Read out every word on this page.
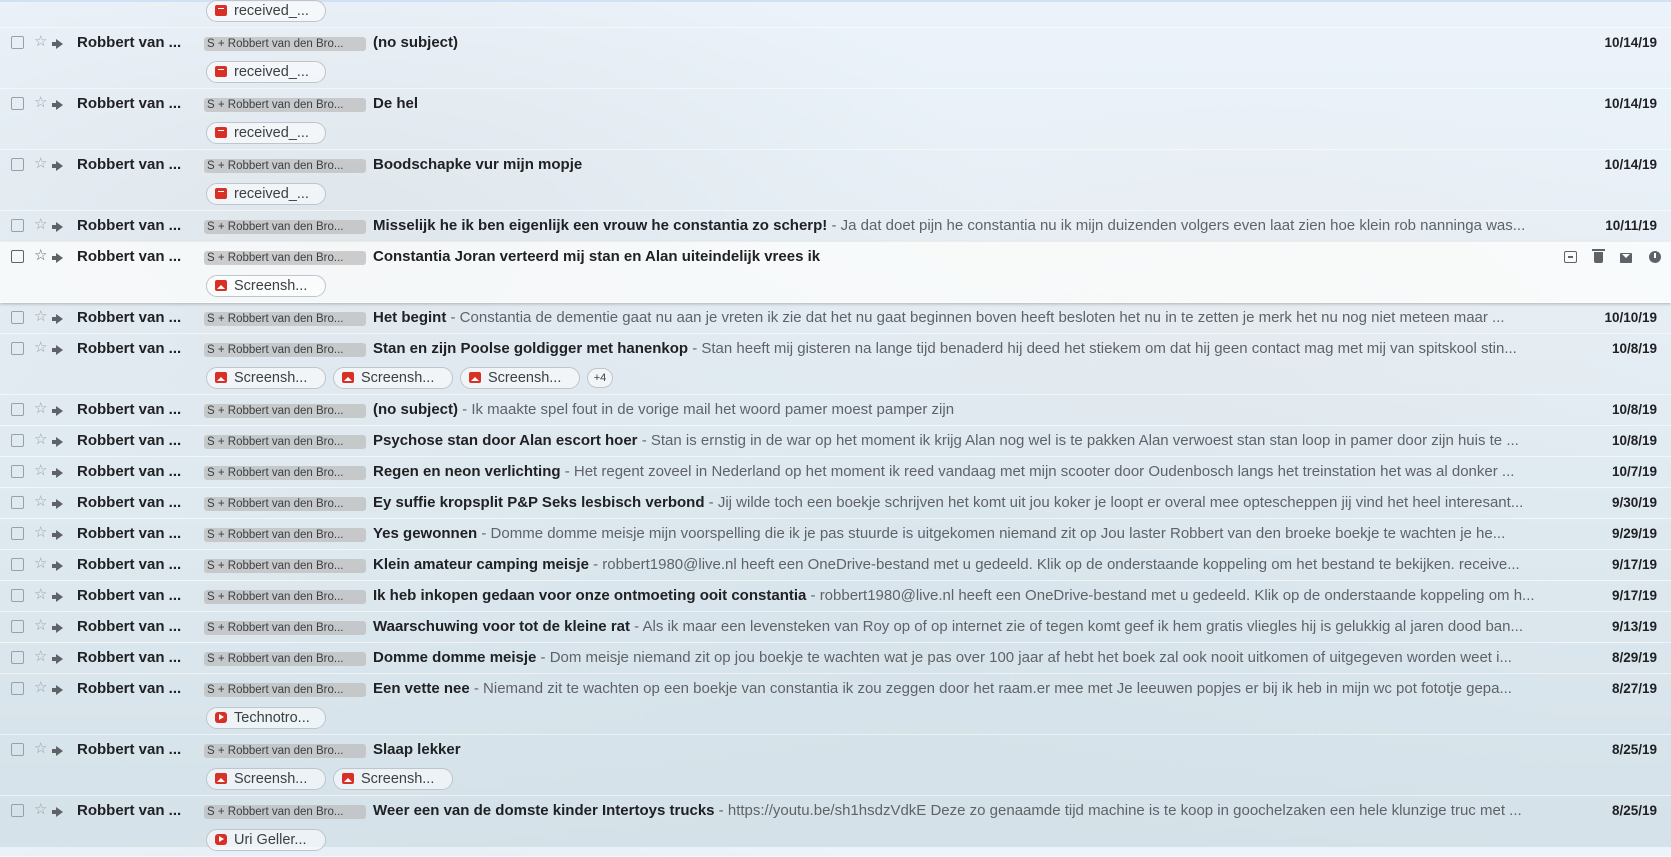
received_...
☆ Robbert van ...	S + Robbert van den Bro...	(no subject)	10/14/19
received_...
☆ Robbert van ...	S + Robbert van den Bro...	De hel	10/14/19
received_...
☆ Robbert van ...	S + Robbert van den Bro...	Boodschapke vur mijn mopje	10/14/19
received_...
☆ Robbert van ...	S + Robbert van den Bro...	Misselijk he ik ben eigenlijk een vrouw he constantia zo scherp! - Ja dat doet pijn he constantia nu ik mijn duizenden volgers even laat zien hoe klein rob nanninga was...	10/11/19
☆ Robbert van ...	S + Robbert van den Bro...	Constantia Joran verteerd mij stan en Alan uiteindelijk vrees ik
Screensh...
☆ Robbert van ...	S + Robbert van den Bro...	Het begint - Constantia de dementie gaat nu aan je vreten ik zie dat het nu gaat beginnen boven heeft besloten het nu in te zetten je merk het nu nog niet meteen maar ...	10/10/19
☆ Robbert van ...	S + Robbert van den Bro...	Stan en zijn Poolse goldigger met hanenkop - Stan heeft mij gisteren na lange tijd benaderd hij deed het stiekem om dat hij geen contact mag met mij van spitskool stin...	10/8/19
Screensh...	Screensh...	Screensh...	+4
☆ Robbert van ...	S + Robbert van den Bro...	(no subject) - Ik maakte spel fout in de vorige mail het woord pamer moest pamper zijn	10/8/19
☆ Robbert van ...	S + Robbert van den Bro...	Psychose stan door Alan escort hoer - Stan is ernstig in de war op het moment ik krijg Alan nog wel is te pakken Alan verwoest stan stan loop in pamer door zijn huis te ...	10/8/19
☆ Robbert van ...	S + Robbert van den Bro...	Regen en neon verlichting - Het regent zoveel in Nederland op het moment ik reed vandaag met mijn scooter door Oudenbosch langs het treinstation het was al donker ...	10/7/19
☆ Robbert van ...	S + Robbert van den Bro...	Ey suffie kropsplit P&P Seks lesbisch verbond - Jij wilde toch een boekje schrijven het komt uit jou koker je loopt er overal mee optescheppen jij vind het heel interesant...	9/30/19
☆ Robbert van ...	S + Robbert van den Bro...	Yes gewonnen - Domme domme meisje mijn voorspelling die ik je pas stuurde is uitgekomen niemand zit op Jou laster Robbert van den broeke boekje te wachten je he...	9/29/19
☆ Robbert van ...	S + Robbert van den Bro...	Klein amateur camping meisje - robbert1980@live.nl heeft een OneDrive-bestand met u gedeeld. Klik op de onderstaande koppeling om het bestand te bekijken. receive...	9/17/19
☆ Robbert van ...	S + Robbert van den Bro...	Ik heb inkopen gedaan voor onze ontmoeting ooit constantia - robbert1980@live.nl heeft een OneDrive-bestand met u gedeeld. Klik op de onderstaande koppeling om h...	9/17/19
☆ Robbert van ...	S + Robbert van den Bro...	Waarschuwing voor tot de kleine rat - Als ik maar een levensteken van Roy op of op internet zie of tegen komt geef ik hem gratis vliegles hij is gelukkig al jaren dood ban...	9/13/19
☆ Robbert van ...	S + Robbert van den Bro...	Domme domme meisje - Dom meisje niemand zit op jou boekje te wachten wat je pas over 100 jaar af hebt het boek zal ook nooit uitkomen of uitgegeven worden weet i...	8/29/19
☆ Robbert van ...	S + Robbert van den Bro...	Een vette nee - Niemand zit te wachten op een boekje van constantia ik zou zeggen door het raam.er mee met Je leeuwen popjes er bij ik heb in mijn wc pot fototje gepa...	8/27/19
Technotro...
☆ Robbert van ...	S + Robbert van den Bro...	Slaap lekker	8/25/19
Screensh...	Screensh...
☆ Robbert van ...	S + Robbert van den Bro...	Weer een van de domste kinder Intertoys trucks - https://youtu.be/sh1hsdzVdkE Deze zo genaamde tijd machine is te koop in goochelzaken een hele klunzige truc met ...	8/25/19
Uri Geller...
